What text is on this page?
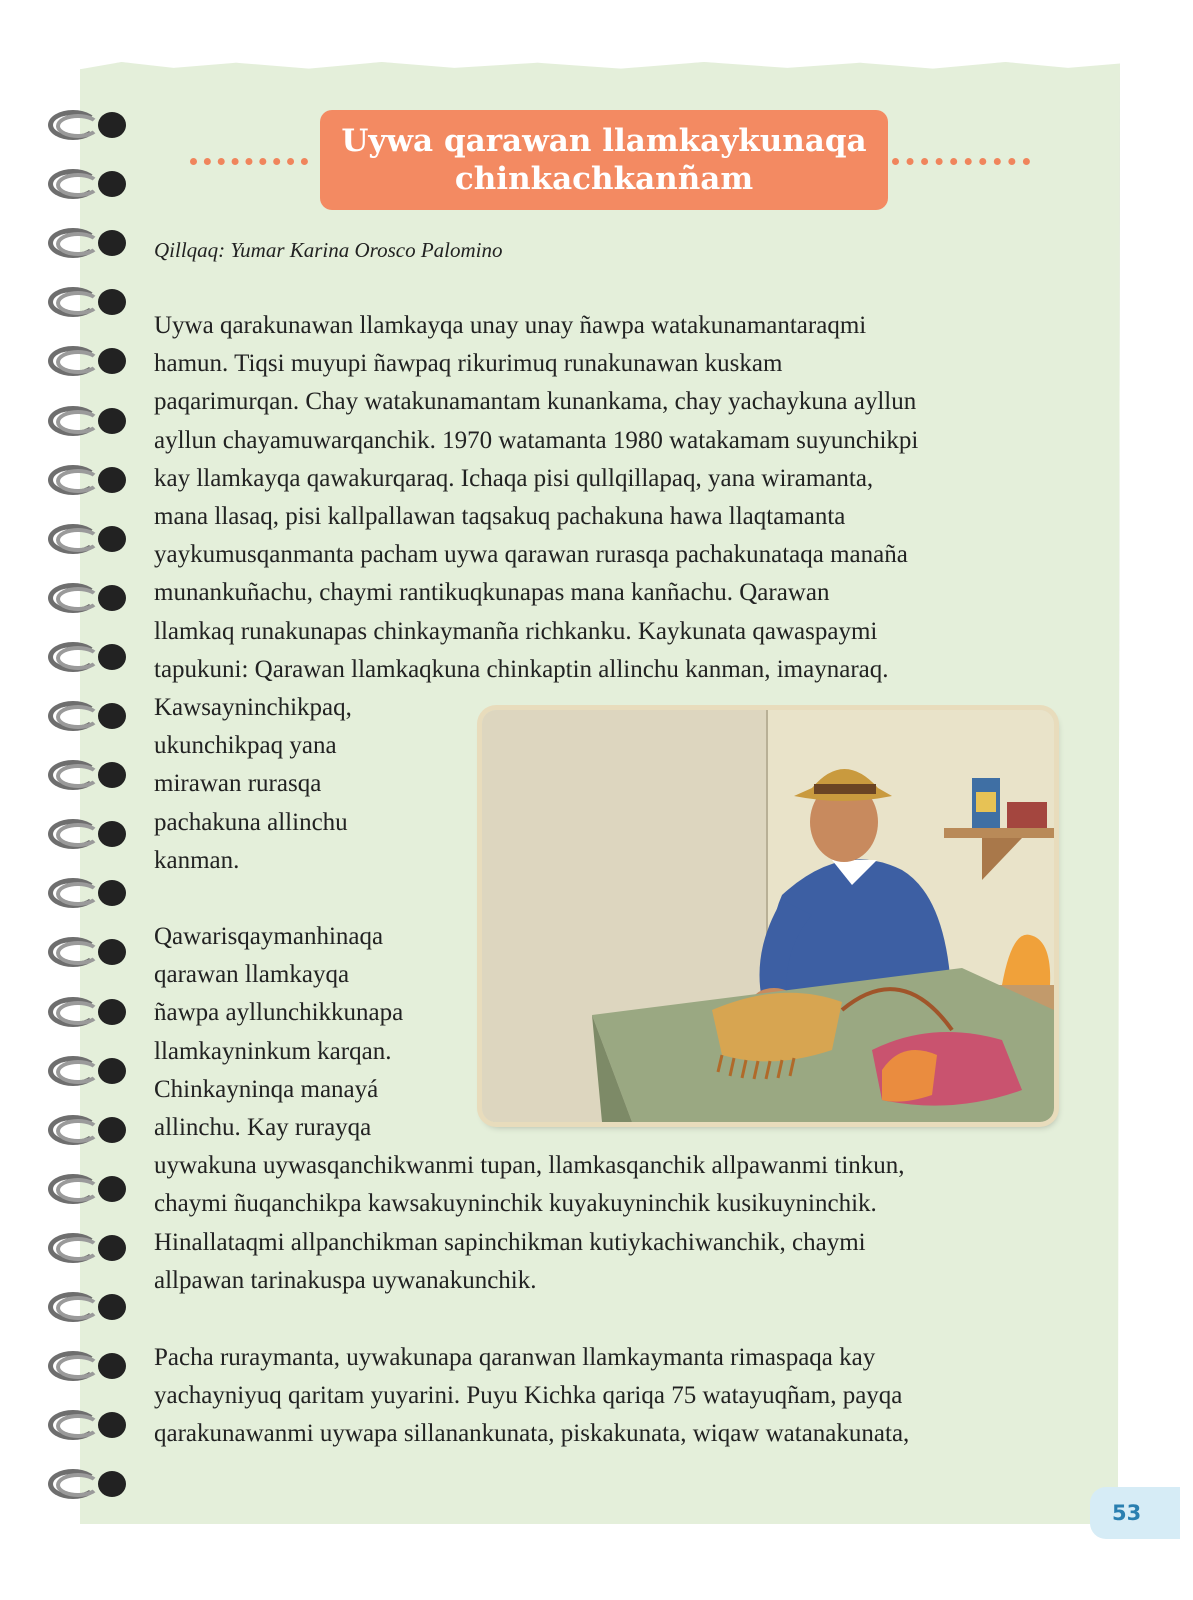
Uywa qarawan llamkaykunaqa
chinkachkanñam
Qillqaq: Yumar Karina Orosco Palomino
Uywa qarakunawan llamkayqa unay unay ñawpa watakunamantaraqmi
hamun. Tiqsi muyupi ñawpaq rikurimuq runakunawan kuskam
paqarimurqan. Chay watakunamantam kunankama, chay yachaykuna ayllun
ayllun chayamuwarqanchik. 1970 watamanta 1980 watakamam suyunchikpi
kay llamkayqa qawakurqaraq. Ichaqa pisi qullqillapaq, yana wiramanta,
mana llasaq, pisi kallpallawan taqsakuq pachakuna hawa llaqtamanta
yaykumusqanmanta pacham uywa qarawan rurasqa pachakunataqa manaña
munankuñachu, chaymi rantikuqkunapas mana kanñachu. Qarawan
llamkaq runakunapas chinkaymanña richkanku. Kaykunata qawaspaymi
tapukuni: Qarawan llamkaqkuna chinkaptin allinchu kanman, imaynaraq.
Kawsayninchikpaq,
ukunchikpaq yana
mirawan rurasqa
pachakuna allinchu
kanman.
Qawarisqaymanhinaqa
qarawan llamkayqa
ñawpa ayllunchikkunapa
llamkayninkum karqan.
Chinkayninqa manayá
allinchu. Kay rurayqa
uywakuna uywasqanchikwanmi tupan, llamkasqanchik allpawanmi tinkun,
chaymi ñuqanchikpa kawsakuyninchik kuyakuyninchik kusikuyninchik.
Hinallataqmi allpanchikman sapinchikman kutiykachiwanchik, chaymi
allpawan tarinakuspa uywanakunchik.
Pacha ruraymanta, uywakunapa qaranwan llamkaymanta rimaspaqa kay
yachayniyuq qaritam yuyarini. Puyu Kichka qariqa 75 watayuqñam, payqa
qarakunawanmi uywapa sillanankunata, piskakunata, wiqaw watanakunata,
53
